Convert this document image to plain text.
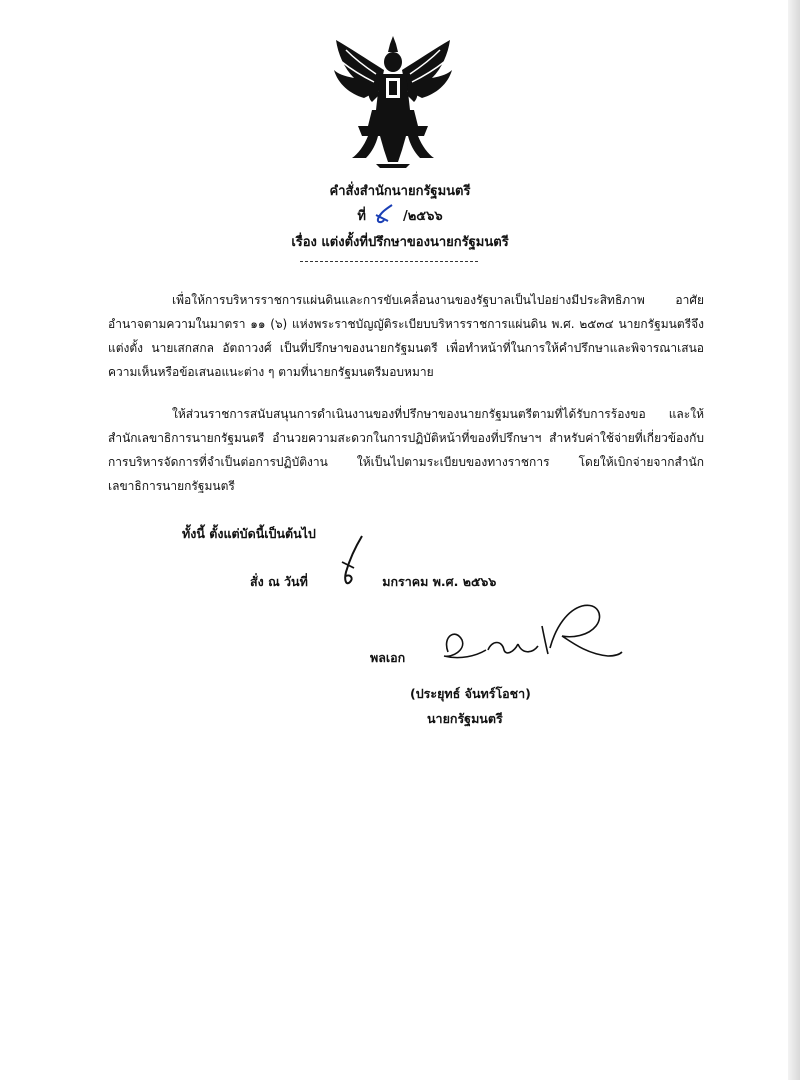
คำสั่งสำนักนายกรัฐมนตรี
ที่	/๒๕๖๖
เรื่อง แต่งตั้งที่ปรึกษาของนายกรัฐมนตรี

เพื่อให้การบริหารราชการแผ่นดินและการขับเคลื่อนงานของรัฐบาลเป็นไปอย่างมีประสิทธิภาพ อาศัยอำนาจตามความในมาตรา ๑๑ (๖) แห่งพระราชบัญญัติระเบียบบริหารราชการแผ่นดิน พ.ศ. ๒๕๓๔ นายกรัฐมนตรีจึงแต่งตั้ง นายเสกสกล อัตถาวงศ์ เป็นที่ปรึกษาของนายกรัฐมนตรี เพื่อทำหน้าที่ในการให้คำปรึกษาและพิจารณาเสนอความเห็นหรือข้อเสนอแนะต่าง ๆ ตามที่นายกรัฐมนตรีมอบหมาย

ให้ส่วนราชการสนับสนุนการดำเนินงานของที่ปรึกษาของนายกรัฐมนตรีตามที่ได้รับการร้องขอ และให้สำนักเลขาธิการนายกรัฐมนตรี อำนวยความสะดวกในการปฏิบัติหน้าที่ของที่ปรึกษาฯ สำหรับค่าใช้จ่ายที่เกี่ยวข้องกับการบริหารจัดการที่จำเป็นต่อการปฏิบัติงาน ให้เป็นไปตามระเบียบของทางราชการ โดยให้เบิกจ่ายจากสำนักเลขาธิการนายกรัฐมนตรี

ทั้งนี้ ตั้งแต่บัดนี้เป็นต้นไป
สั่ง ณ วันที่	มกราคม พ.ศ. ๒๕๖๖
พลเอก
(ประยุทธ์ จันทร์โอชา)
นายกรัฐมนตรี
